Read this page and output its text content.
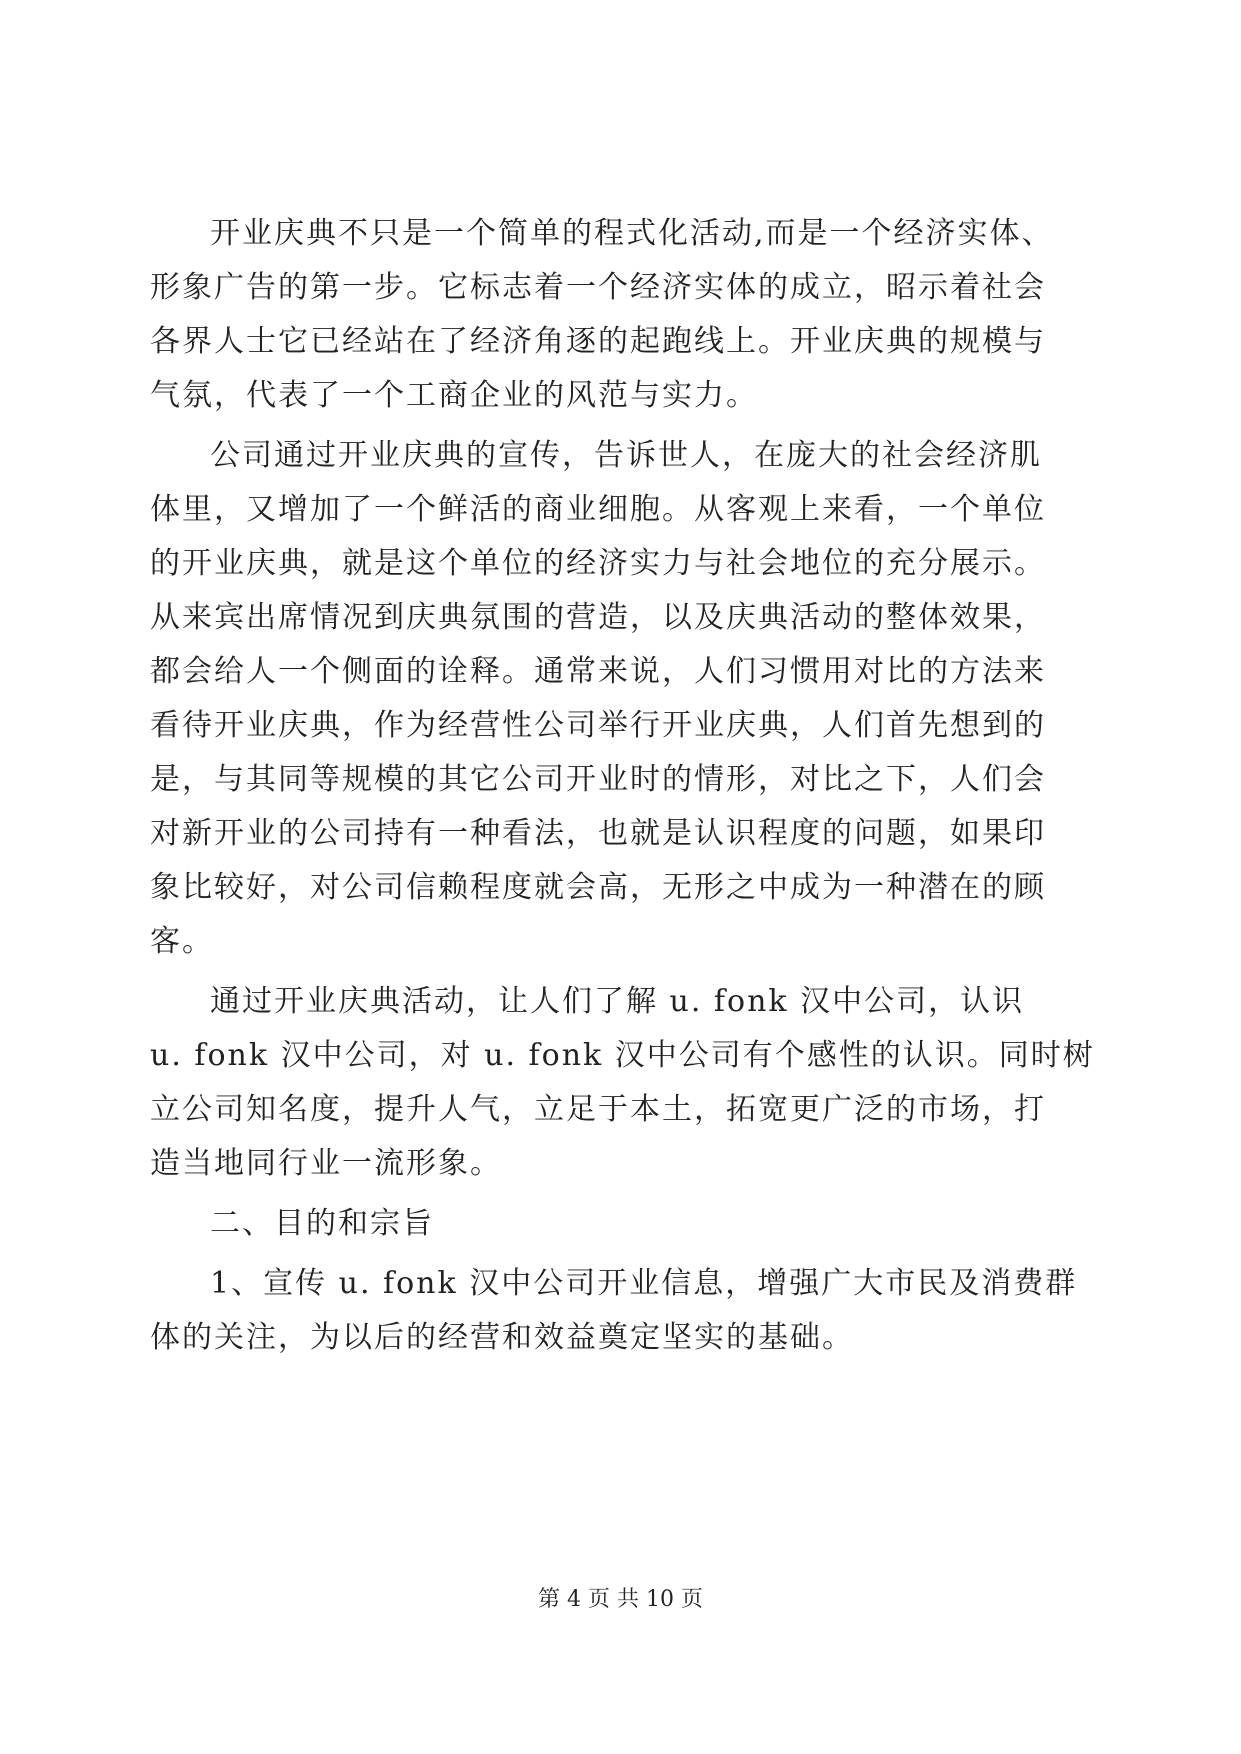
开业庆典不只是一个简单的程式化活动,而是一个经济实体、
形象广告的第一步。它标志着一个经济实体的成立，昭示着社会
各界人士它已经站在了经济角逐的起跑线上。开业庆典的规模与
气氛，代表了一个工商企业的风范与实力。
公司通过开业庆典的宣传，告诉世人，在庞大的社会经济肌
体里，又增加了一个鲜活的商业细胞。从客观上来看，一个单位
的开业庆典，就是这个单位的经济实力与社会地位的充分展示。
从来宾出席情况到庆典氛围的营造，以及庆典活动的整体效果，
都会给人一个侧面的诠释。通常来说，人们习惯用对比的方法来
看待开业庆典，作为经营性公司举行开业庆典，人们首先想到的
是，与其同等规模的其它公司开业时的情形，对比之下，人们会
对新开业的公司持有一种看法，也就是认识程度的问题，如果印
象比较好，对公司信赖程度就会高，无形之中成为一种潜在的顾
客。
通过开业庆典活动，让人们了解 u. fonk 汉中公司，认识
u. fonk 汉中公司，对 u. fonk 汉中公司有个感性的认识。同时树
立公司知名度，提升人气，立足于本土，拓宽更广泛的市场，打
造当地同行业一流形象。
二、目的和宗旨
1、宣传 u. fonk 汉中公司开业信息，增强广大市民及消费群
体的关注，为以后的经营和效益奠定坚实的基础。
第 4 页 共 10 页
